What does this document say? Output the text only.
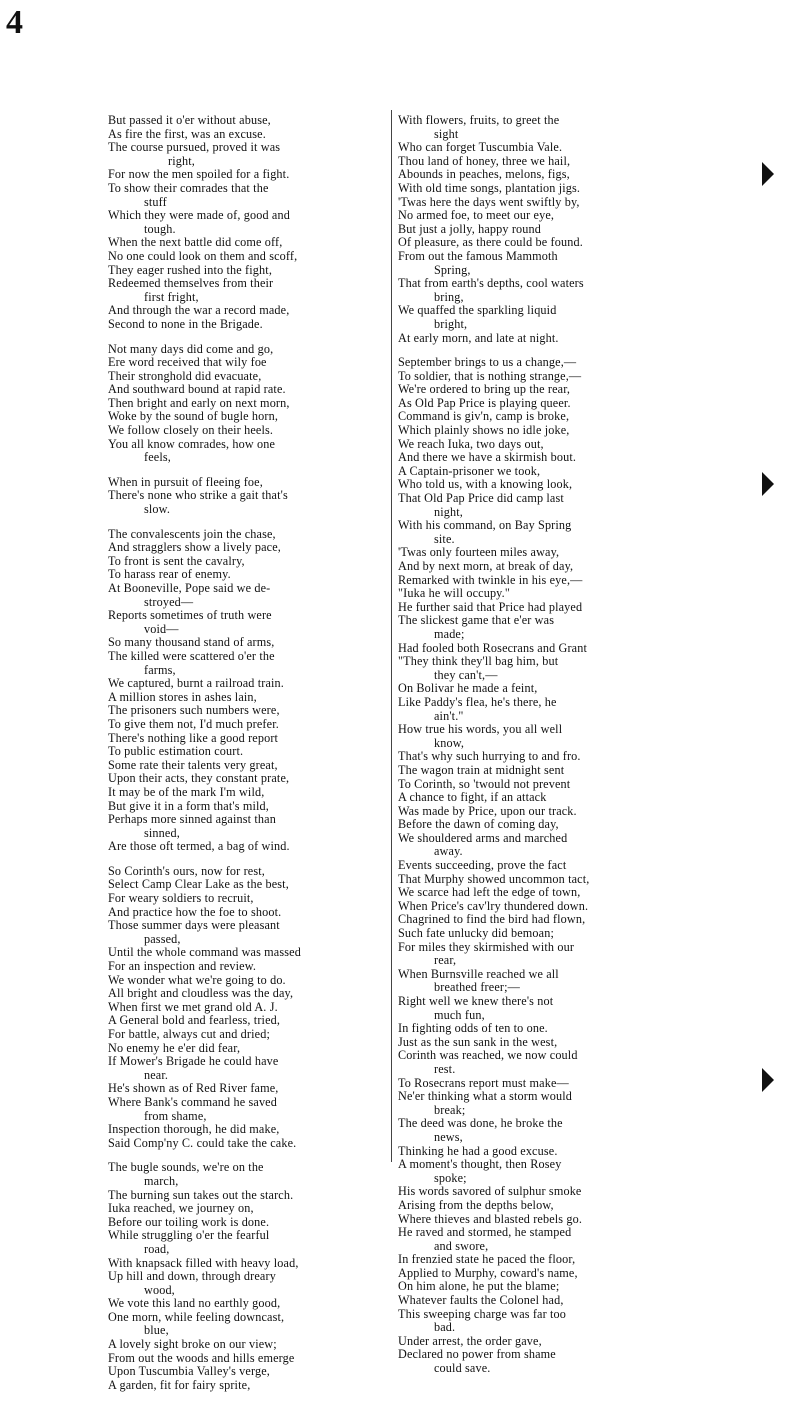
4
But passed it o'er without abuse,
As fire the first, was an excuse.
The course pursued, proved it was
right,
For now the men spoiled for a fight.
To show their comrades that the
stuff
Which they were made of, good and
tough.
When the next battle did come off,
No one could look on them and scoff,
They eager rushed into the fight,
Redeemed themselves from their
first fright,
And through the war a record made,
Second to none in the Brigade.
Not many days did come and go,
Ere word received that wily foe
Their stronghold did evacuate,
And southward bound at rapid rate.
Then bright and early on next morn,
Woke by the sound of bugle horn,
We follow closely on their heels.
You all know comrades, how one
feels,
When in pursuit of fleeing foe,
There's none who strike a gait that's
slow.
The convalescents join the chase,
And stragglers show a lively pace,
To front is sent the cavalry,
To harass rear of enemy.
At Booneville, Pope said we de-
stroyed—
Reports sometimes of truth were
void—
So many thousand stand of arms,
The killed were scattered o'er the
farms,
We captured, burnt a railroad train.
A million stores in ashes lain,
The prisoners such numbers were,
To give them not, I'd much prefer.
There's nothing like a good report
To public estimation court.
Some rate their talents very great,
Upon their acts, they constant prate,
It may be of the mark I'm wild,
But give it in a form that's mild,
Perhaps more sinned against than
sinned,
Are those oft termed, a bag of wind.
So Corinth's ours, now for rest,
Select Camp Clear Lake as the best,
For weary soldiers to recruit,
And practice how the foe to shoot.
Those summer days were pleasant
passed,
Until the whole command was massed
For an inspection and review.
We wonder what we're going to do.
All bright and cloudless was the day,
When first we met grand old A. J.
A General bold and fearless, tried,
For battle, always cut and dried;
No enemy he e'er did fear,
If Mower's Brigade he could have
near.
He's shown as of Red River fame,
Where Bank's command he saved
from shame,
Inspection thorough, he did make,
Said Comp'ny C. could take the cake.
The bugle sounds, we're on the
march,
The burning sun takes out the starch.
Iuka reached, we journey on,
Before our toiling work is done.
While struggling o'er the fearful
road,
With knapsack filled with heavy load,
Up hill and down, through dreary
wood,
We vote this land no earthly good,
One morn, while feeling downcast,
blue,
A lovely sight broke on our view;
From out the woods and hills emerge
Upon Tuscumbia Valley's verge,
A garden, fit for fairy sprite,
With flowers, fruits, to greet the
sight
Who can forget Tuscumbia Vale.
Thou land of honey, three we hail,
Abounds in peaches, melons, figs,
With old time songs, plantation jigs.
'Twas here the days went swiftly by,
No armed foe, to meet our eye,
But just a jolly, happy round
Of pleasure, as there could be found.
From out the famous Mammoth
Spring,
That from earth's depths, cool waters
bring,
We quaffed the sparkling liquid
bright,
At early morn, and late at night.
September brings to us a change,—
To soldier, that is nothing strange,—
We're ordered to bring up the rear,
As Old Pap Price is playing queer.
Command is giv'n, camp is broke,
Which plainly shows no idle joke,
We reach Iuka, two days out,
And there we have a skirmish bout.
A Captain-prisoner we took,
Who told us, with a knowing look,
That Old Pap Price did camp last
night,
With his command, on Bay Spring
site.
'Twas only fourteen miles away,
And by next morn, at break of day,
Remarked with twinkle in his eye,—
"Iuka he will occupy."
He further said that Price had played
The slickest game that e'er was
made;
Had fooled both Rosecrans and Grant
"They think they'll bag him, but
they can't,—
On Bolivar he made a feint,
Like Paddy's flea, he's there, he
ain't."
How true his words, you all well
know,
That's why such hurrying to and fro.
The wagon train at midnight sent
To Corinth, so 'twould not prevent
A chance to fight, if an attack
Was made by Price, upon our track.
Before the dawn of coming day,
We shouldered arms and marched
away.
Events succeeding, prove the fact
That Murphy showed uncommon tact,
We scarce had left the edge of town,
When Price's cav'lry thundered down.
Chagrined to find the bird had flown,
Such fate unlucky did bemoan;
For miles they skirmished with our
rear,
When Burnsville reached we all
breathed freer;—
Right well we knew there's not
much fun,
In fighting odds of ten to one.
Just as the sun sank in the west,
Corinth was reached, we now could
rest.
To Rosecrans report must make—
Ne'er thinking what a storm would
break;
The deed was done, he broke the
news,
Thinking he had a good excuse.
A moment's thought, then Rosey
spoke;
His words savored of sulphur smoke
Arising from the depths below,
Where thieves and blasted rebels go.
He raved and stormed, he stamped
and swore,
In frenzied state he paced the floor,
Applied to Murphy, coward's name,
On him alone, he put the blame;
Whatever faults the Colonel had,
This sweeping charge was far too
bad.
Under arrest, the order gave,
Declared no power from shame
could save.
